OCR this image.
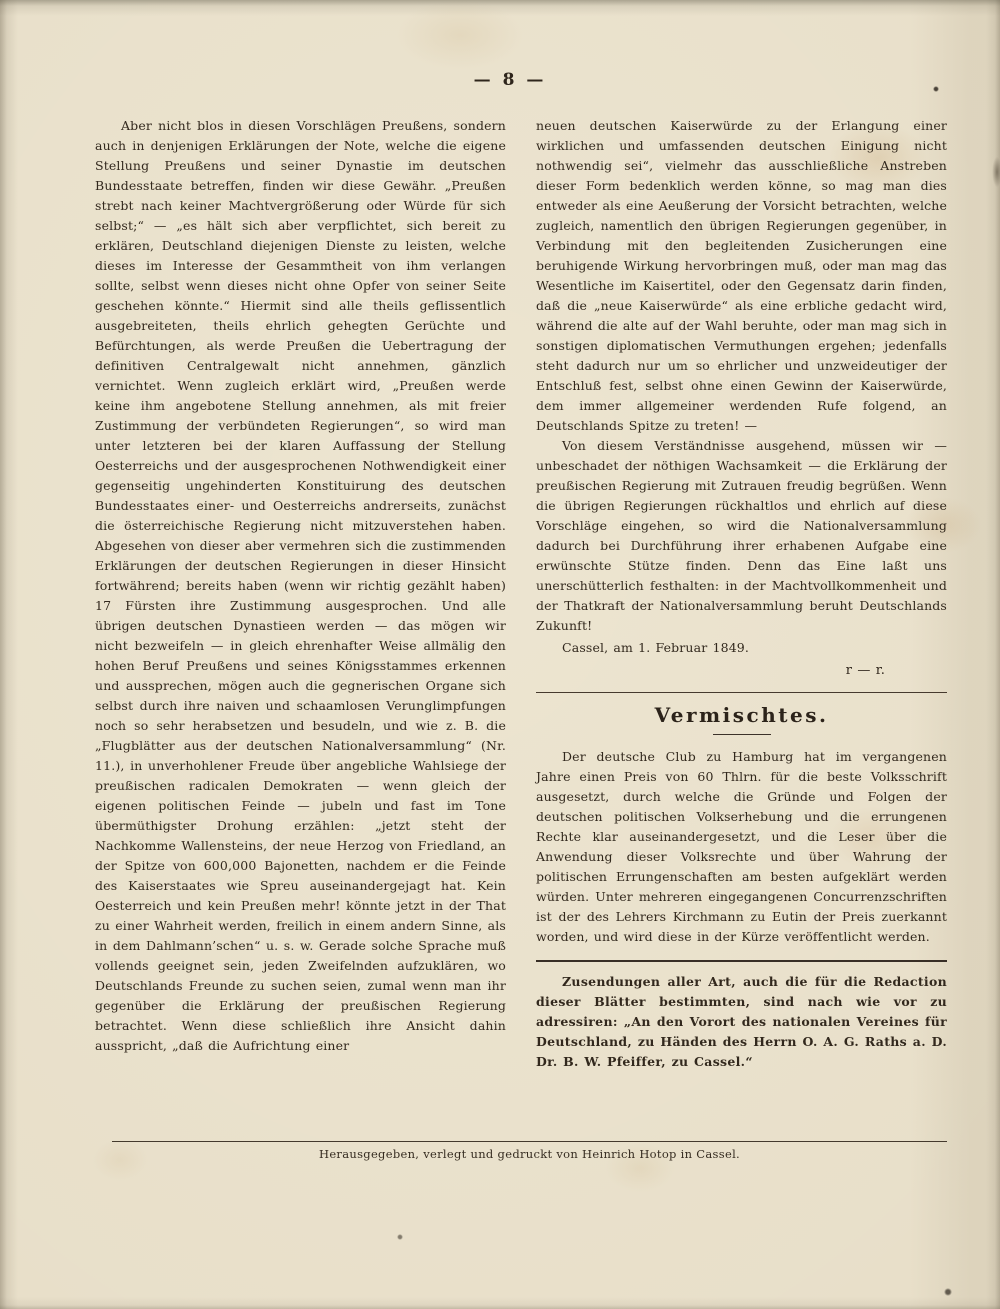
— 8 —

Aber nicht blos in diesen Vorschlägen Preußens, sondern auch in denjenigen Erklärungen der Note, welche die eigene Stellung Preußens und seiner Dynastie im deutschen Bundesstaate betreffen, finden wir diese Gewähr. „Preußen strebt nach keiner Machtvergrößerung oder Würde für sich selbst;“ — „es hält sich aber verpflichtet, sich bereit zu erklären, Deutschland diejenigen Dienste zu leisten, welche dieses im Interesse der Gesammtheit von ihm verlangen sollte, selbst wenn dieses nicht ohne Opfer von seiner Seite geschehen könnte.“ Hiermit sind alle theils geflissentlich ausgebreiteten, theils ehrlich gehegten Gerüchte und Befürchtungen, als werde Preußen die Uebertragung der definitiven Centralgewalt nicht annehmen, gänzlich vernichtet. Wenn zugleich erklärt wird, „Preußen werde keine ihm angebotene Stellung annehmen, als mit freier Zustimmung der verbündeten Regierungen“, so wird man unter letzteren bei der klaren Auffassung der Stellung Oesterreichs und der ausgesprochenen Nothwendigkeit einer gegenseitig ungehinderten Konstituirung des deutschen Bundesstaates einer- und Oesterreichs andrerseits, zunächst die österreichische Regierung nicht mitzuverstehen haben. Abgesehen von dieser aber vermehren sich die zustimmenden Erklärungen der deutschen Regierungen in dieser Hinsicht fortwährend; bereits haben (wenn wir richtig gezählt haben) 17 Fürsten ihre Zustimmung ausgesprochen. Und alle übrigen deutschen Dynastieen werden — das mögen wir nicht bezweifeln — in gleich ehrenhafter Weise allmälig den hohen Beruf Preußens und seines Königsstammes erkennen und aussprechen, mögen auch die gegnerischen Organe sich selbst durch ihre naiven und schaamlosen Verunglimpfungen noch so sehr herabsetzen und besudeln, und wie z. B. die „Flugblätter aus der deutschen Nationalversammlung“ (Nr. 11.), in unverhohlener Freude über angebliche Wahlsiege der preußischen radicalen Demokraten — wenn gleich der eigenen politischen Feinde — jubeln und fast im Tone übermüthigster Drohung erzählen: „jetzt steht der Nachkomme Wallensteins, der neue Herzog von Friedland, an der Spitze von 600,000 Bajonetten, nachdem er die Feinde des Kaiserstaates wie Spreu auseinandergejagt hat. Kein Oesterreich und kein Preußen mehr! könnte jetzt in der That zu einer Wahrheit werden, freilich in einem andern Sinne, als in dem Dahlmann’schen“ u. s. w. Gerade solche Sprache muß vollends geeignet sein, jeden Zweifelnden aufzuklären, wo Deutschlands Freunde zu suchen seien, zumal wenn man ihr gegenüber die Erklärung der preußischen Regierung betrachtet. Wenn diese schließlich ihre Ansicht dahin ausspricht, „daß die Aufrichtung einer

neuen deutschen Kaiserwürde zu der Erlangung einer wirklichen und umfassenden deutschen Einigung nicht nothwendig sei“, vielmehr das ausschließliche Anstreben dieser Form bedenklich werden könne, so mag man dies entweder als eine Aeußerung der Vorsicht betrachten, welche zugleich, namentlich den übrigen Regierungen gegenüber, in Verbindung mit den begleitenden Zusicherungen eine beruhigende Wirkung hervorbringen muß, oder man mag das Wesentliche im Kaisertitel, oder den Gegensatz darin finden, daß die „neue Kaiserwürde“ als eine erbliche gedacht wird, während die alte auf der Wahl beruhte, oder man mag sich in sonstigen diplomatischen Vermuthungen ergehen; jedenfalls steht dadurch nur um so ehrlicher und unzweideutiger der Entschluß fest, selbst ohne einen Gewinn der Kaiserwürde, dem immer allgemeiner werdenden Rufe folgend, an Deutschlands Spitze zu treten! —

Von diesem Verständnisse ausgehend, müssen wir — unbeschadet der nöthigen Wachsamkeit — die Erklärung der preußischen Regierung mit Zutrauen freudig begrüßen. Wenn die übrigen Regierungen rückhaltlos und ehrlich auf diese Vorschläge eingehen, so wird die Nationalversammlung dadurch bei Durchführung ihrer erhabenen Aufgabe eine erwünschte Stütze finden. Denn das Eine laßt uns unerschütterlich festhalten: in der Machtvollkommenheit und der Thatkraft der Nationalversammlung beruht Deutschlands Zukunft!

Cassel, am 1. Februar 1849.

r — r.

Vermischtes.

Der deutsche Club zu Hamburg hat im vergangenen Jahre einen Preis von 60 Thlrn. für die beste Volksschrift ausgesetzt, durch welche die Gründe und Folgen der deutschen politischen Volkserhebung und die errungenen Rechte klar auseinandergesetzt, und die Leser über die Anwendung dieser Volksrechte und über Wahrung der politischen Errungenschaften am besten aufgeklärt werden würden. Unter mehreren eingegangenen Concurrenzschriften ist der des Lehrers Kirchmann zu Eutin der Preis zuerkannt worden, und wird diese in der Kürze veröffentlicht werden.

Zusendungen aller Art, auch die für die Redaction dieser Blätter bestimmten, sind nach wie vor zu adressiren: „An den Vorort des nationalen Vereines für Deutschland, zu Händen des Herrn O. A. G. Raths a. D. Dr. B. W. Pfeiffer, zu Cassel.“

Herausgegeben, verlegt und gedruckt von Heinrich Hotop in Cassel.
